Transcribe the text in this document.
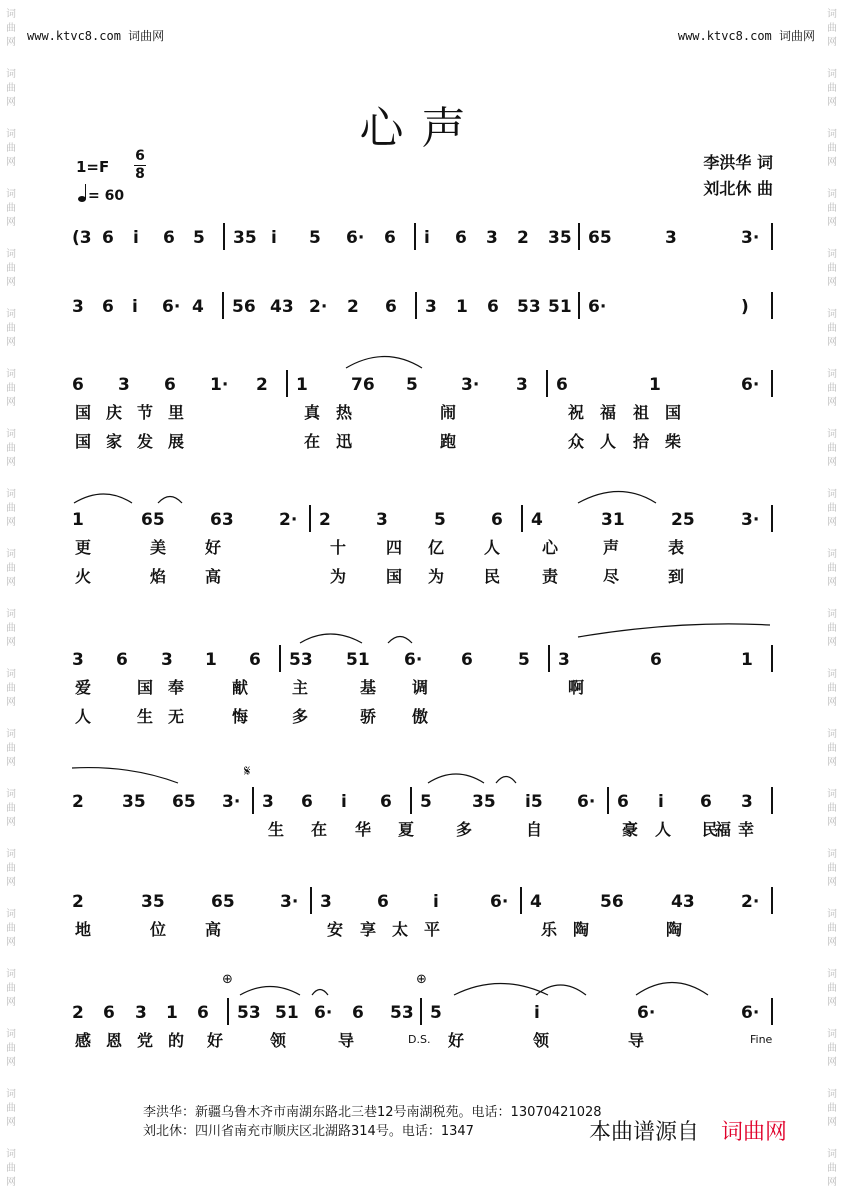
词
曲
网
词
曲
网
词
曲
网
词
曲
网
词
曲
网
词
曲
网
词
曲
网
词
曲
网
词
曲
网
词
曲
网
词
曲
网
词
曲
网
词
曲
网
词
曲
网
词
曲
网
词
曲
网
词
曲
网
词
曲
网
词
曲
网
词
曲
网
词
曲
网
词
曲
网
词
曲
网
词
曲
网
词
曲
网
词
曲
网
词
曲
网
词
曲
网
词
曲
网
词
曲
网
词
曲
网
词
曲
网
词
曲
网
词
曲
网
词
曲
网
词
曲
网
词
曲
网
词
曲
网
词
曲
网
词
曲
网
www.ktvc8.com 词曲网	www.ktvc8.com 词曲网
心声
1=F
6
8
= 60
李洪华 词
刘北休 曲
(3 6 i 6 5 35 i 5 6· 6 i 6 3 2 35 65	3	3·
3 6 i 6· 4 56 43 2· 2 6 3 1 6 53 51 6·	)
6 3 6 1· 2 1	76 5	3· 3 6	1	6·
国 庆 节 里	真 热	闹	祝 福 祖 国
国 家 发 展	在 迅	跑	众 人 拾 柴
1	65	63	2· 2	3	5	6 4	31	25	3·
更	美 好	十 四 亿 人	心	声	表
火	焰 高	为 国 为 民	责	尽	到
3 6 3 1 6 53 51 6· 6	5 3	6	1
爱	国 奉	献	主	基 调	啊
人	生 无	悔	多	骄 傲
2 35 65 3· 3 6 i 6 5 35 i5 6· 6 i 6 3
生 在 华 夏	多	自	豪 人 民 幸
福
2	35	65	3· 3	6	i	6· 4	56	43	2·
地	位 高	安 享 太 平	乐 陶	陶
2 6 3 1 6 53 51 6· 6 53 5	i	6·	6·
感 恩 党 的 好	领	导	好	领	导
D.S.	Fine
𝄋
⊕	⊕
李洪华：新疆乌鲁木齐市南湖东路北三巷12号南湖税苑。电话：13070421028
刘北休：四川省南充市顺庆区北湖路314号。电话：1347	本曲谱源自 词曲网
